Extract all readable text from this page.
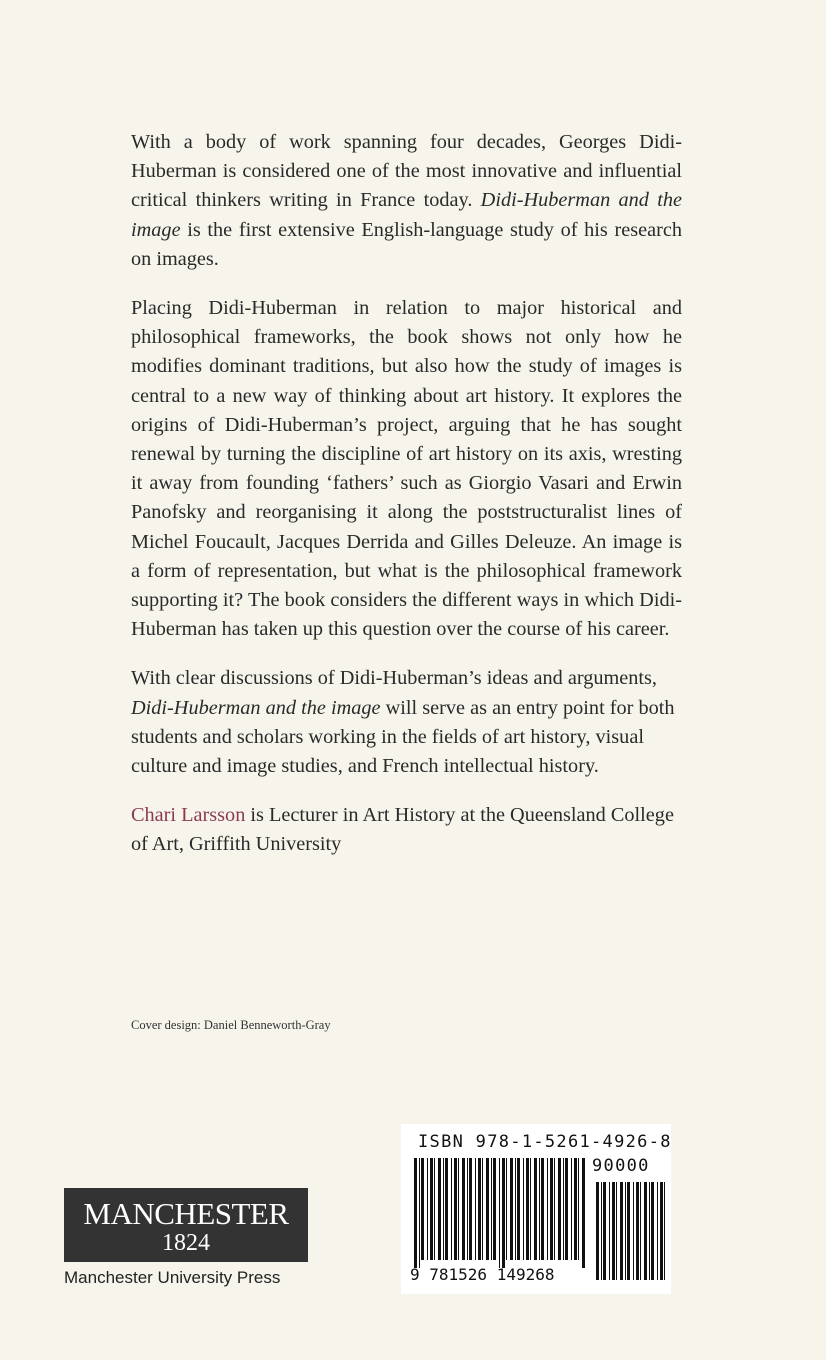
With a body of work spanning four decades, Georges Didi-Huberman is considered one of the most innovative and influential critical thinkers writing in France today. Didi-Huberman and the image is the first extensive English-language study of his research on images.

Placing Didi-Huberman in relation to major historical and philosophical frameworks, the book shows not only how he modifies dominant traditions, but also how the study of images is central to a new way of thinking about art history. It explores the origins of Didi-Huberman’s project, arguing that he has sought renewal by turning the discipline of art history on its axis, wresting it away from founding ‘fathers’ such as Giorgio Vasari and Erwin Panofsky and reorganising it along the poststructuralist lines of Michel Foucault, Jacques Derrida and Gilles Deleuze. An image is a form of representation, but what is the philosophical framework supporting it? The book considers the different ways in which Didi-Huberman has taken up this question over the course of his career.

With clear discussions of Didi-Huberman’s ideas and arguments, Didi-Huberman and the image will serve as an entry point for both students and scholars working in the fields of art history, visual culture and image studies, and French intellectual history.

Chari Larsson is Lecturer in Art History at the Queensland College of Art, Griffith University

Cover design: Daniel Benneworth-Gray
MANCHESTER
1824
Manchester University Press
ISBN 978-1-5261-4926-8
90000
9 781526 149268
